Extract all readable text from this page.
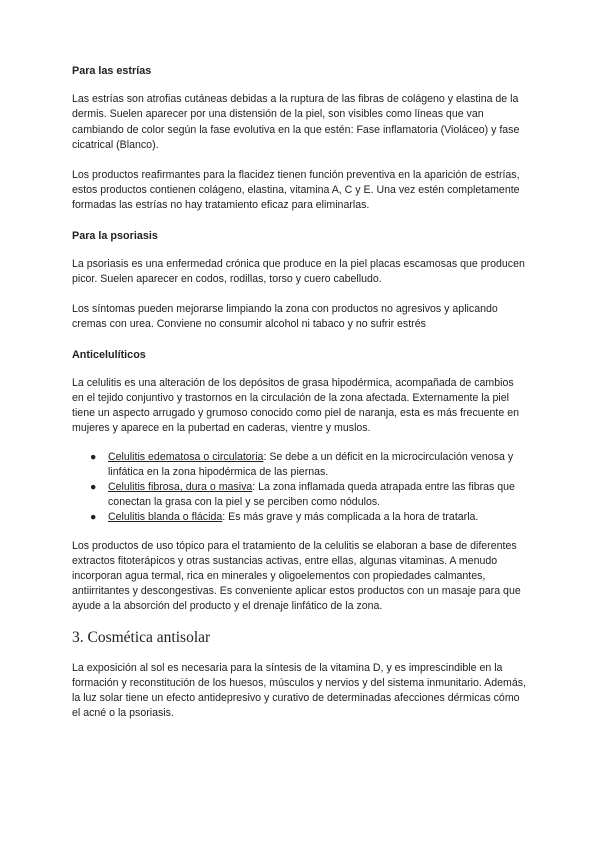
Para las estrías

Las estrías son atrofias cutáneas debidas a la ruptura de las fibras de colágeno y elastina de la dermis. Suelen aparecer por una distensión de la piel, son visibles como líneas que van cambiando de color según la fase evolutiva en la que estén: Fase inflamatoria (Violáceo) y fase cicatrical (Blanco).

Los productos reafirmantes para la flacidez tienen función preventiva en la aparición de estrías, estos productos contienen colágeno, elastina, vitamina A, C y E. Una vez estén completamente formadas las estrías no hay tratamiento eficaz para eliminarlas.

Para la psoriasis

La psoriasis es una enfermedad crónica que produce en la piel placas escamosas que producen picor. Suelen aparecer en codos, rodillas, torso y cuero cabelludo.

Los síntomas pueden mejorarse limpiando la zona con productos no agresivos y aplicando cremas con urea. Conviene no consumir alcohol ni tabaco y no sufrir estrés

Anticelulíticos

La celulitis es una alteración de los depósitos de grasa hipodérmica, acompañada de cambios en el tejido conjuntivo y trastornos en la circulación de la zona afectada. Externamente la piel tiene un aspecto arrugado y grumoso conocido como piel de naranja, esta es más frecuente en mujeres y aparece en la pubertad en caderas, vientre y muslos.

● Celulitis edematosa o circulatoria: Se debe a un déficit en la microcirculación venosa y linfática en la zona hipodérmica de las piernas.
● Celulitis fibrosa, dura o masiva: La zona inflamada queda atrapada entre las fibras que conectan la grasa con la piel y se perciben como nódulos.
● Celulitis blanda o flácida: Es más grave y más complicada a la hora de tratarla.

Los productos de uso tópico para el tratamiento de la celulitis se elaboran a base de diferentes extractos fitoterápicos y otras sustancias activas, entre ellas, algunas vitaminas. A menudo incorporan agua termal, rica en minerales y oligoelementos con propiedades calmantes, antiirritantes y descongestivas. Es conveniente aplicar estos productos con un masaje para que ayude a la absorción del producto y el drenaje linfático de la zona.

3. Cosmética antisolar

La exposición al sol es necesaria para la síntesis de la vitamina D, y es imprescindible en la formación y reconstitución de los huesos, músculos y nervios y del sistema inmunitario. Además, la luz solar tiene un efecto antidepresivo y curativo de determinadas afecciones dérmicas cómo el acné o la psoriasis.
